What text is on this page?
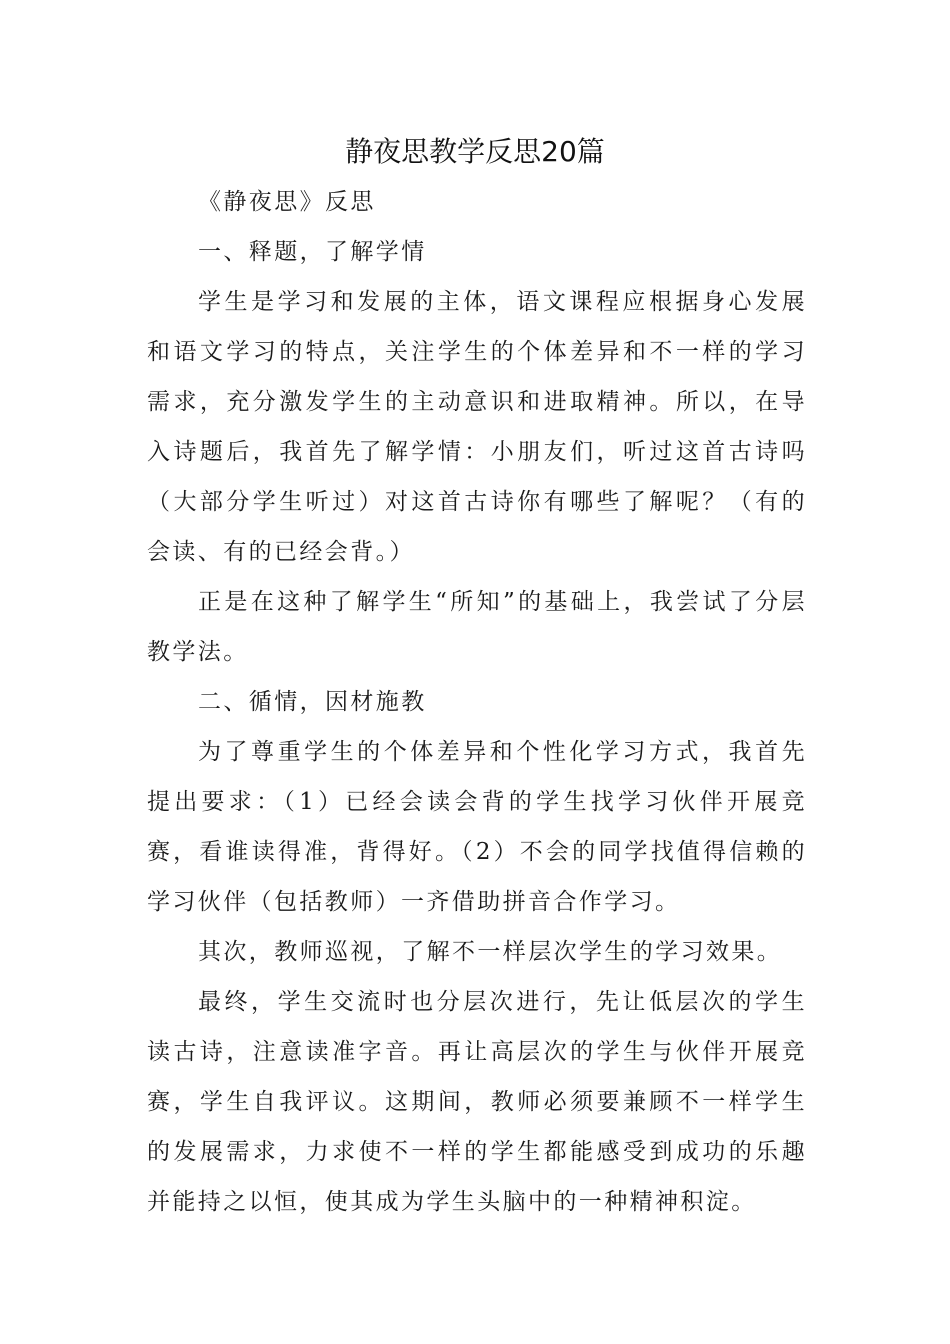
静夜思教学反思20篇

《静夜思》反思

一、释题，了解学情

学生是学习和发展的主体，语文课程应根据身心发展和语文学习的特点，关注学生的个体差异和不一样的学习需求，充分激发学生的主动意识和进取精神。所以，在导入诗题后，我首先了解学情：小朋友们，听过这首古诗吗（大部分学生听过）对这首古诗你有哪些了解呢？（有的会读、有的已经会背。）

正是在这种了解学生“所知”的基础上，我尝试了分层教学法。

二、循情，因材施教

为了尊重学生的个体差异和个性化学习方式，我首先提出要求：（1）已经会读会背的学生找学习伙伴开展竞赛，看谁读得准，背得好。（2）不会的同学找值得信赖的学习伙伴（包括教师）一齐借助拼音合作学习。

其次，教师巡视，了解不一样层次学生的学习效果。

最终，学生交流时也分层次进行，先让低层次的学生读古诗，注意读准字音。再让高层次的学生与伙伴开展竞赛，学生自我评议。这期间，教师必须要兼顾不一样学生的发展需求，力求使不一样的学生都能感受到成功的乐趣并能持之以恒，使其成为学生头脑中的一种精神积淀。
